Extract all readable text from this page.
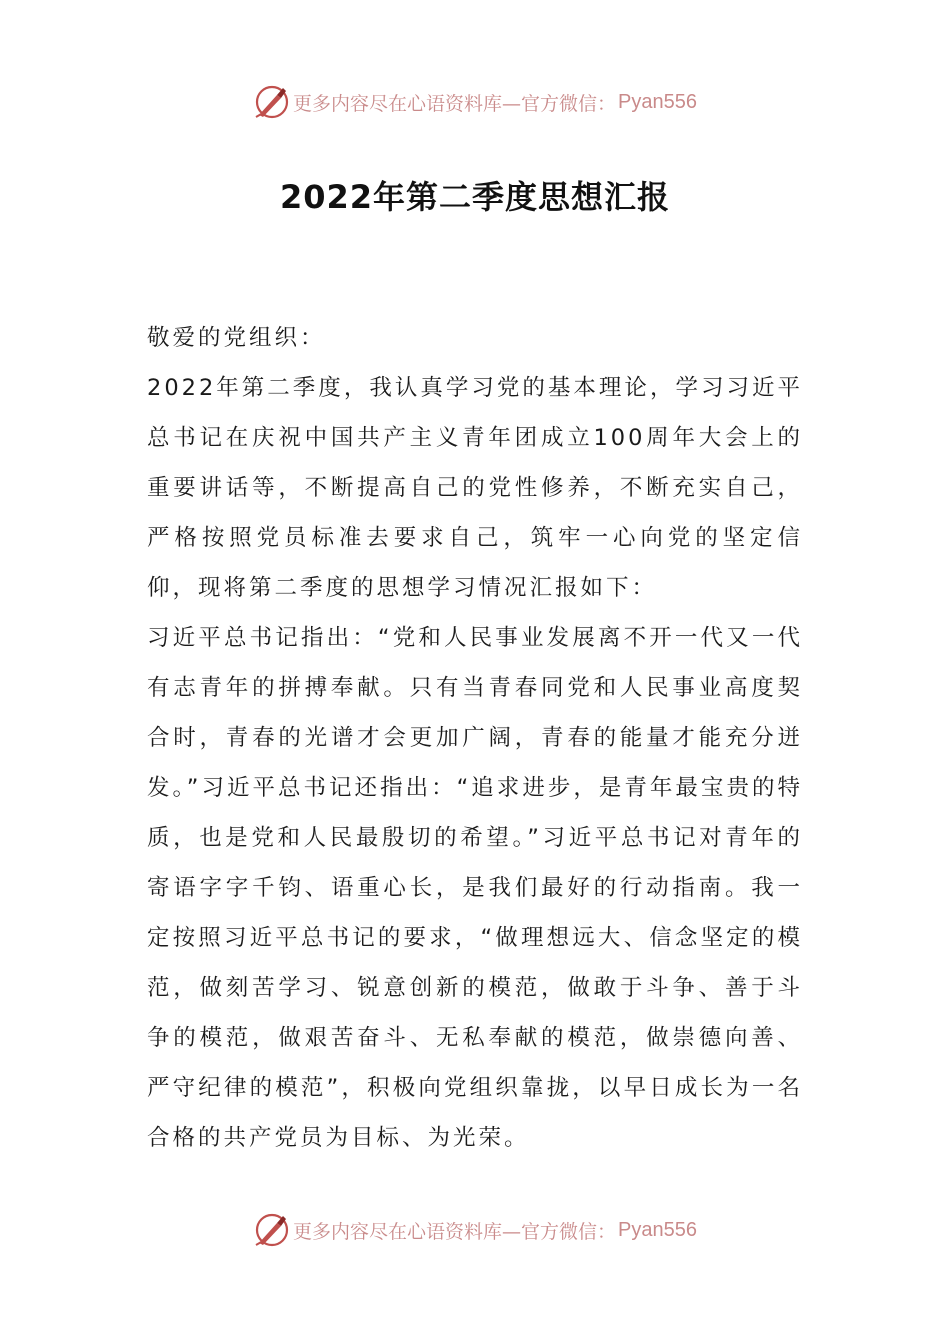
更多内容尽在心语资料库—官方微信： Pyan556
2022年第二季度思想汇报

敬爱的党组织：

2022年第二季度，我认真学习党的基本理论，学习习近平总书记在庆祝中国共产主义青年团成立100周年大会上的重要讲话等，不断提高自己的党性修养，不断充实自己，严格按照党员标准去要求自己，筑牢一心向党的坚定信仰，现将第二季度的思想学习情况汇报如下：

习近平总书记指出：“党和人民事业发展离不开一代又一代有志青年的拼搏奉献。只有当青春同党和人民事业高度契合时，青春的光谱才会更加广阔，青春的能量才能充分迸发。”习近平总书记还指出：“追求进步，是青年最宝贵的特质，也是党和人民最殷切的希望。”习近平总书记对青年的寄语字字千钧、语重心长，是我们最好的行动指南。我一定按照习近平总书记的要求，“做理想远大、信念坚定的模范，做刻苦学习、锐意创新的模范，做敢于斗争、善于斗争的模范，做艰苦奋斗、无私奉献的模范，做崇德向善、严守纪律的模范”，积极向党组织靠拢，以早日成长为一名合格的共产党员为目标、为光荣。

更多内容尽在心语资料库—官方微信： Pyan556
